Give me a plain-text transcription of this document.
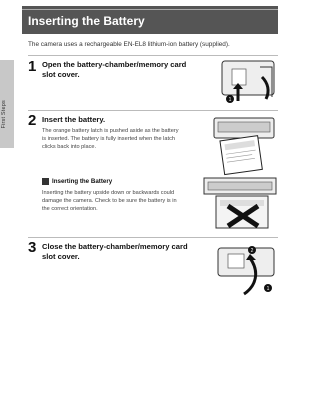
First Steps
Inserting the Battery
The camera uses a rechargeable EN-EL8 lithium-ion battery (supplied).
1 Open the battery-chamber/memory card
slot cover.
1
2 Insert the battery.
The orange battery latch is pushed aside as the battery
is inserted. The battery is fully inserted when the latch
clicks back into place.
Inserting the Battery
Inserting the battery upside down or backwards could
damage the camera. Check to be sure the battery is in
the correct orientation.
3 Close the battery-chamber/memory card
slot cover.
2
1
